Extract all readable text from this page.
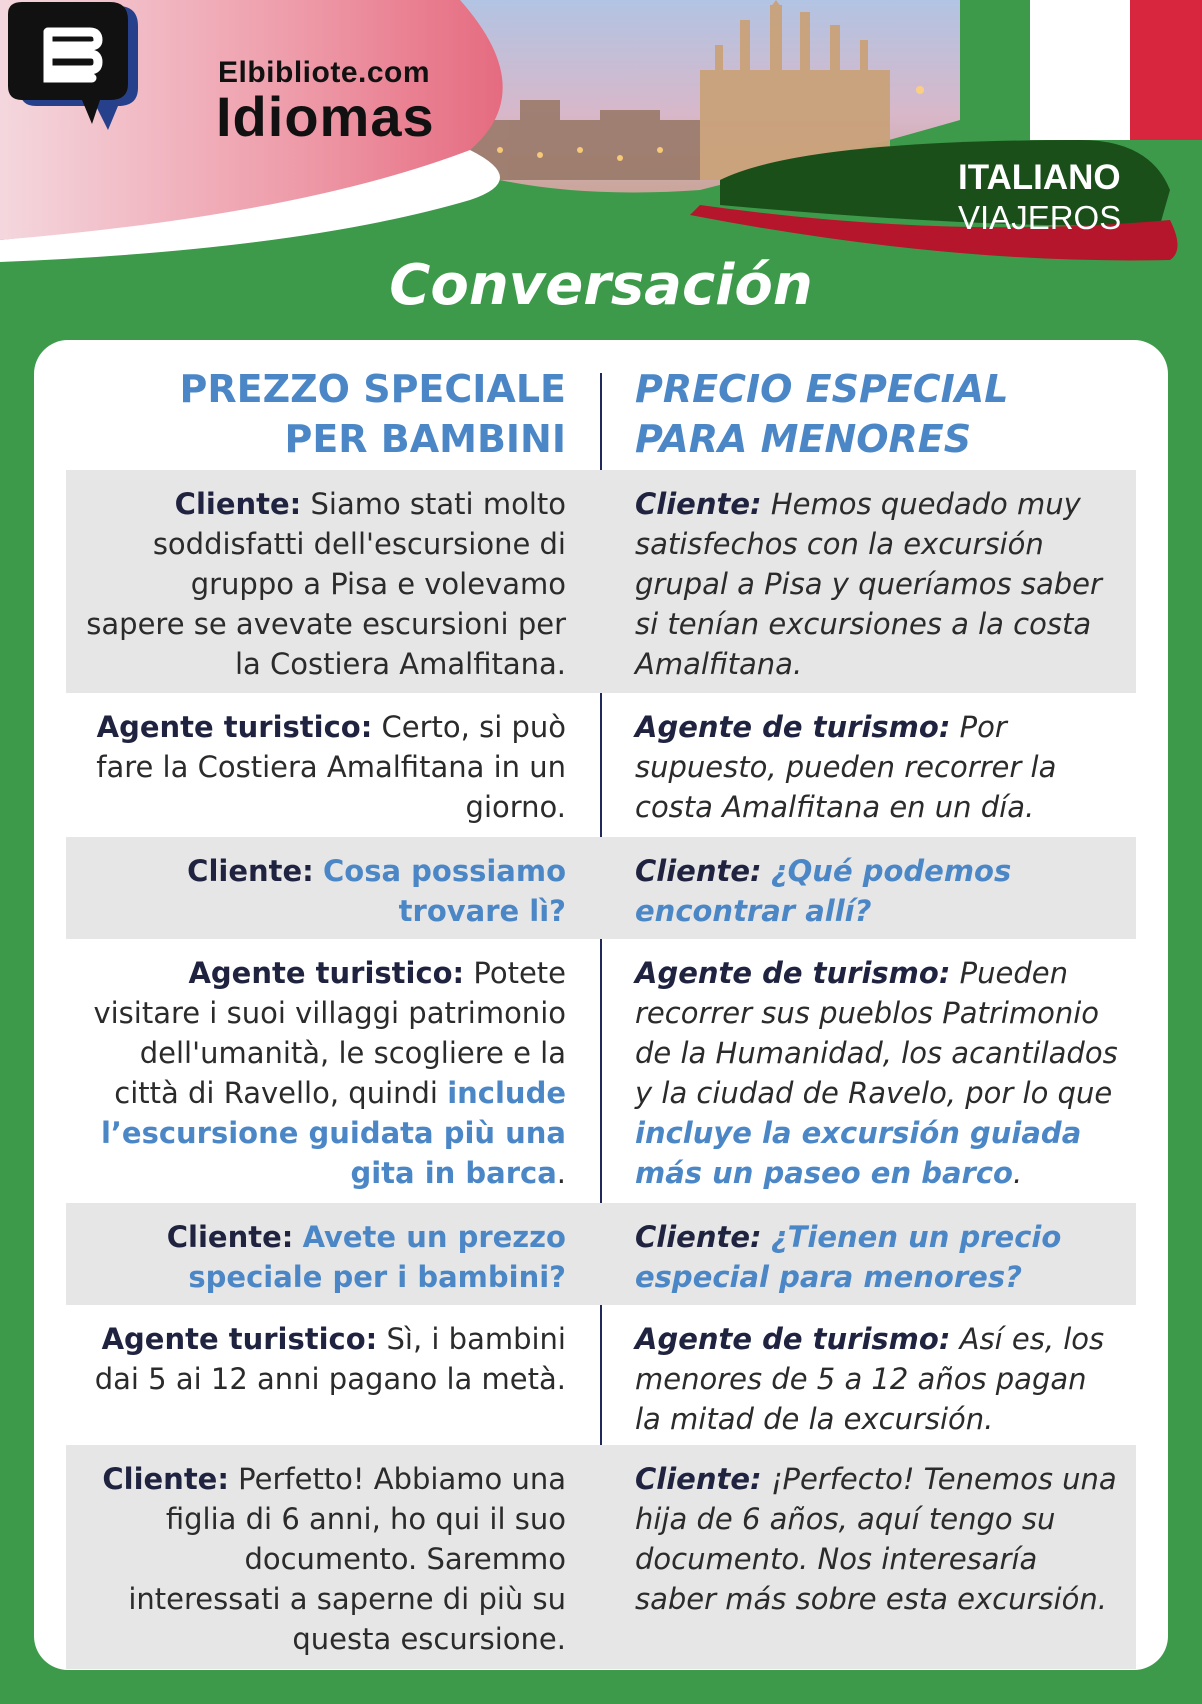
Elbibliote.com
Idiomas
ITALIANO
VIAJEROS
Conversación
PREZZO SPECIALE
PER BAMBINI
PRECIO ESPECIAL
PARA MENORES
Cliente: Siamo stati molto soddisfatti dell'escursione di gruppo a Pisa e volevamo sapere se avevate escursioni per la Costiera Amalfitana.
Cliente: Hemos quedado muy satisfechos con la excursión grupal a Pisa y queríamos saber si tenían excursiones a la costa Amalfitana.
Agente turistico: Certo, si può fare la Costiera Amalfitana in un giorno.
Agente de turismo: Por supuesto, pueden recorrer la costa Amalfitana en un día.
Cliente: Cosa possiamo trovare lì?
Cliente: ¿Qué podemos encontrar allí?
Agente turistico: Potete visitare i suoi villaggi patrimonio dell'umanità, le scogliere e la città di Ravello, quindi include l’escursione guidata più una gita in barca.
Agente de turismo: Pueden recorrer sus pueblos Patrimonio de la Humanidad, los acantilados y la ciudad de Ravelo, por lo que incluye la excursión guiada más un paseo en barco.
Cliente: Avete un prezzo speciale per i bambini?
Cliente: ¿Tienen un precio especial para menores?
Agente turistico: Sì, i bambini dai 5 ai 12 anni pagano la metà.
Agente de turismo: Así es, los menores de 5 a 12 años pagan la mitad de la excursión.
Cliente: Perfetto! Abbiamo una figlia di 6 anni, ho qui il suo documento. Saremmo interessati a saperne di più su questa escursione.
Cliente: ¡Perfecto! Tenemos una hija de 6 años, aquí tengo su documento. Nos interesaría saber más sobre esta excursión.
